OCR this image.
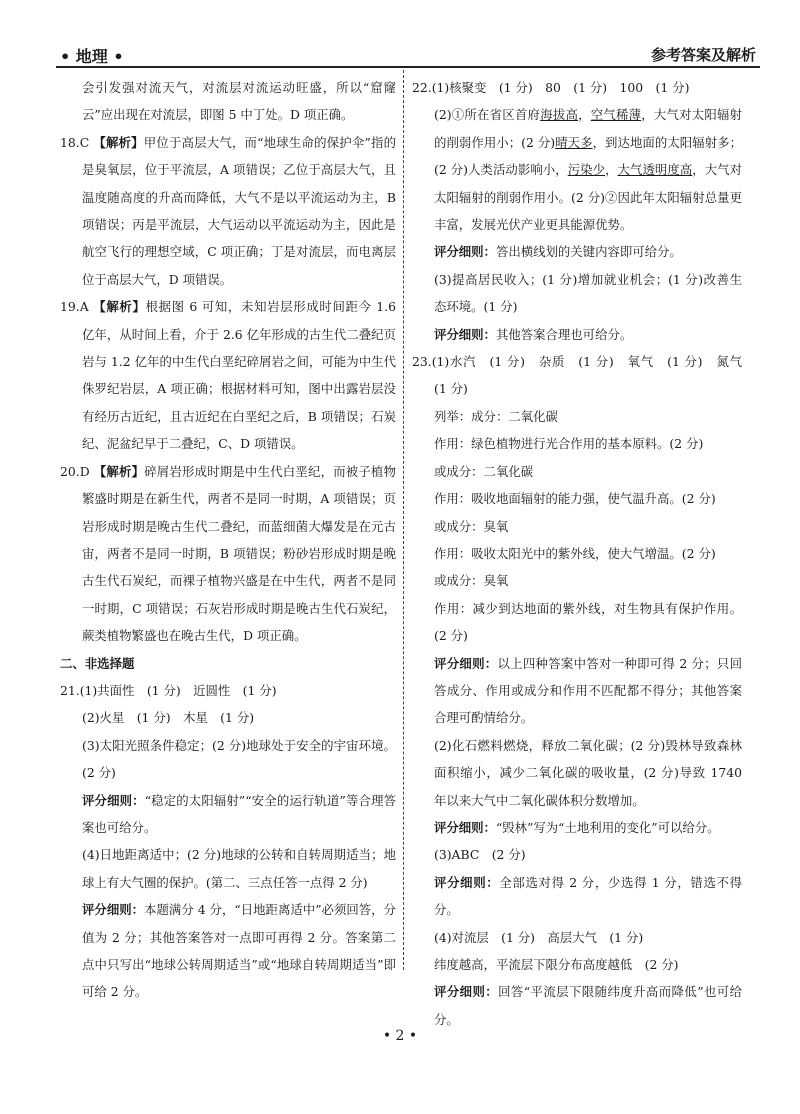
• 地理 •	参考答案及解析

会引发强对流天气，对流层对流运动旺盛，所以“窟窿云”应出现在对流层，即图 5 中丁处。D 项正确。

18.C 【解析】甲位于高层大气，而“地球生命的保护伞”指的是臭氧层，位于平流层，A 项错误；乙位于高层大气，且温度随高度的升高而降低，大气不是以平流运动为主，B 项错误；丙是平流层，大气运动以平流运动为主，因此是航空飞行的理想空域，C 项正确；丁是对流层，而电离层位于高层大气，D 项错误。

19.A 【解析】根据图 6 可知，未知岩层形成时间距今 1.6 亿年，从时间上看，介于 2.6 亿年形成的古生代二叠纪页岩与 1.2 亿年的中生代白垩纪碎屑岩之间，可能为中生代侏罗纪岩层，A 项正确；根据材料可知，图中出露岩层没有经历古近纪，且古近纪在白垩纪之后，B 项错误；石炭纪、泥盆纪早于二叠纪，C、D 项错误。

20.D 【解析】碎屑岩形成时期是中生代白垩纪，而被子植物繁盛时期是在新生代，两者不是同一时期，A 项错误；页岩形成时期是晚古生代二叠纪，而蓝细菌大爆发是在元古宙，两者不是同一时期，B 项错误；粉砂岩形成时期是晚古生代石炭纪，而裸子植物兴盛是在中生代，两者不是同一时期，C 项错误；石灰岩形成时期是晚古生代石炭纪，蕨类植物繁盛也在晚古生代，D 项正确。

二、非选择题

21.(1)共面性　(1 分)　近圆性　(1 分)

(2)火星　(1 分)　木星　(1 分)

(3)太阳光照条件稳定；(2 分)地球处于安全的宇宙环境。(2 分)

评分细则：“稳定的太阳辐射”“安全的运行轨道”等合理答案也可给分。

(4)日地距离适中；(2 分)地球的公转和自转周期适当；地球上有大气圈的保护。(第二、三点任答一点得 2 分)

评分细则：本题满分 4 分，“日地距离适中”必须回答，分值为 2 分；其他答案答对一点即可再得 2 分。答案第二点中只写出“地球公转周期适当”或“地球自转周期适当”即可给 2 分。

22.(1)核聚变　(1 分)　80　(1 分)　100　(1 分)

(2)①所在省区首府海拔高，空气稀薄，大气对太阳辐射的削弱作用小；(2 分)晴天多，到达地面的太阳辐射多；(2 分)人类活动影响小，污染少，大气透明度高，大气对太阳辐射的削弱作用小。(2 分)②因此年太阳辐射总量更丰富，发展光伏产业更具能源优势。

评分细则：答出横线划的关键内容即可给分。

(3)提高居民收入；(1 分)增加就业机会；(1 分)改善生态环境。(1 分)

评分细则：其他答案合理也可给分。

23.(1)水汽　(1 分)　杂质　(1 分)　氧气　(1 分)　氮气　(1 分)

列举：成分：二氧化碳

作用：绿色植物进行光合作用的基本原料。(2 分)

或成分：二氧化碳

作用：吸收地面辐射的能力强，使气温升高。(2 分)

或成分：臭氧

作用：吸收太阳光中的紫外线，使大气增温。(2 分)

或成分：臭氧

作用：减少到达地面的紫外线，对生物具有保护作用。(2 分)

评分细则：以上四种答案中答对一种即可得 2 分；只回答成分、作用或成分和作用不匹配都不得分；其他答案合理可酌情给分。

(2)化石燃料燃烧，释放二氧化碳；(2 分)毁林导致森林面积缩小，减少二氧化碳的吸收量，(2 分)导致 1740 年以来大气中二氧化碳体积分数增加。

评分细则：“毁林”写为“土地利用的变化”可以给分。

(3)ABC　(2 分)

评分细则：全部选对得 2 分，少选得 1 分，错选不得分。

(4)对流层　(1 分)　高层大气　(1 分)

纬度越高，平流层下限分布高度越低　(2 分)

评分细则：回答“平流层下限随纬度升高而降低”也可给分。

• 2 •
